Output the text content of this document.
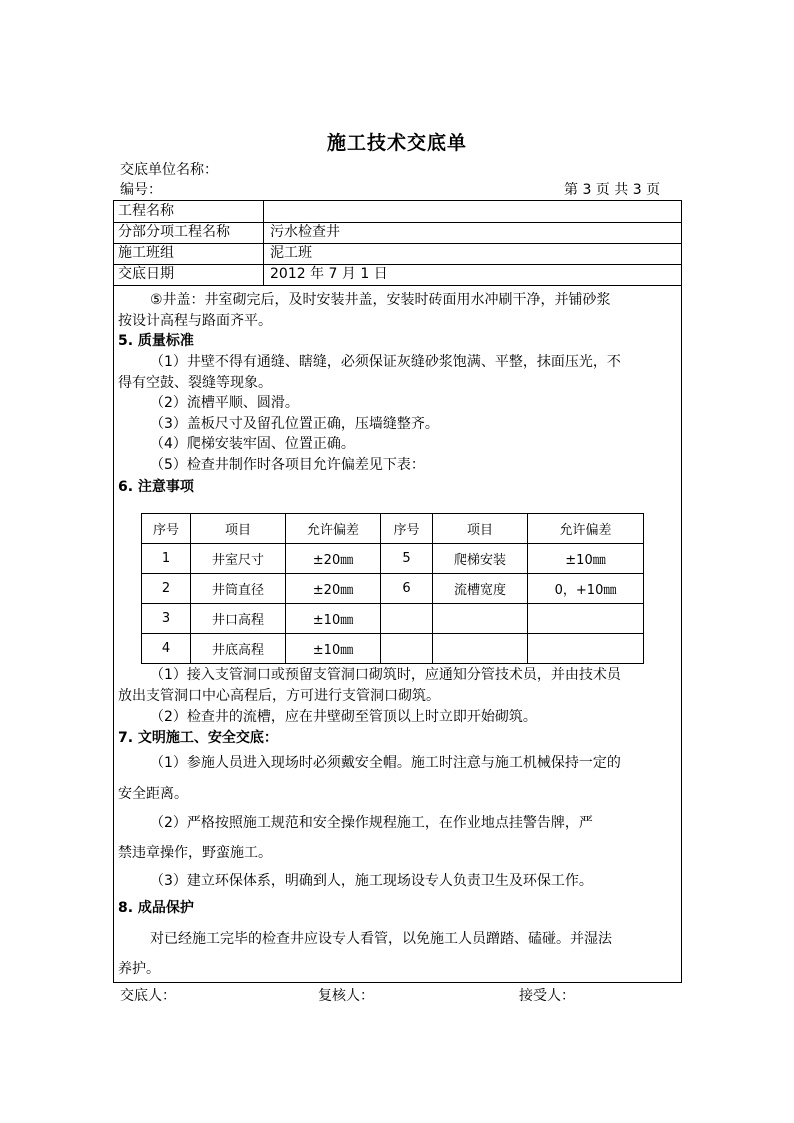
施工技术交底单
交底单位名称：
编号：	第 3 页 共 3 页
工程名称
分部分项工程名称	污水检查井
施工班组	泥工班
交底日期	2012 年 7 月 1 日
⑤井盖：井室砌完后，及时安装井盖，安装时砖面用水冲刷干净，并铺砂浆
按设计高程与路面齐平。
5. 质量标准
（1）井壁不得有通缝、瞎缝，必须保证灰缝砂浆饱满、平整，抹面压光，不
得有空鼓、裂缝等现象。
（2）流槽平顺、圆滑。
（3）盖板尺寸及留孔位置正确，压墙缝整齐。
（4）爬梯安装牢固、位置正确。
（5）检查井制作时各项目允许偏差见下表：
6. 注意事项
序号	项目	允许偏差	序号	项目	允许偏差
1	井室尺寸	±20㎜	5	爬梯安装	±10㎜
2	井筒直径	±20㎜	6	流槽宽度	0，+10㎜
3	井口高程	±10㎜			
4	井底高程	±10㎜			
（1）接入支管洞口或预留支管洞口砌筑时，应通知分管技术员，并由技术员
放出支管洞口中心高程后，方可进行支管洞口砌筑。
（2）检查井的流槽，应在井壁砌至管顶以上时立即开始砌筑。
7. 文明施工、安全交底：
（1）参施人员进入现场时必须戴安全帽。施工时注意与施工机械保持一定的
安全距离。
（2）严格按照施工规范和安全操作规程施工，在作业地点挂警告牌，严
禁违章操作，野蛮施工。
（3）建立环保体系，明确到人，施工现场设专人负责卫生及环保工作。
8. 成品保护
对已经施工完毕的检查井应设专人看管，以免施工人员蹭踏、磕碰。并湿法
养护。
交底人：	复核人：	接受人：
